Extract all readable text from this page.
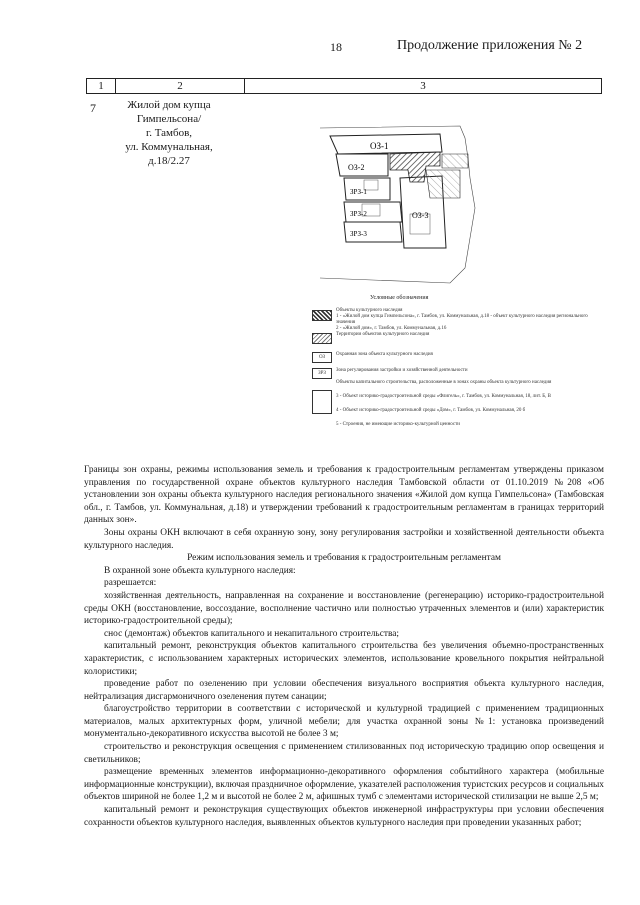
18	Продолжение приложения № 2
1	2	3
7	Жилой дом купца
Гимпельсона/
г. Тамбов,
ул. Коммунальная,
д.18/2.27
ОЗ-1
ОЗ-2
ОЗ-3
ЗРЗ-1
ЗРЗ-2
ЗРЗ-3
Условные обозначения
Объекты культурного наследия
1 - «Жилой дом купца Гимпельсона», г. Тамбов, ул. Коммунальная, д.18 - объект культурного наследия регионального значения
2 - «Жилой дом», г. Тамбов, ул. Коммунальная, д.16
Территории объектов культурного наследия
ОЗ
Охранная зона объекта культурного наследия
ЗРЗ
Зона регулирования застройки и хозяйственной деятельности
Объекты капитального строительства, расположенные в зонах охраны объекта культурного наследия
3 - Объект историко-градостроительной среды «Флигель», г. Тамбов, ул. Коммунальная, 18, лит. Б, В
4 - Объект историко-градостроительной среды «Дом», г. Тамбов, ул. Коммунальная, 20 б
5 - Строения, не имеющие историко-культурной ценности

Границы зон охраны, режимы использования земель и требования к градостроительным регламентам утверждены приказом управления по государственной охране объектов культурного наследия Тамбовской области от 01.10.2019 №208 «Об установлении зон охраны объекта культурного наследия регионального значения «Жилой дом купца Гимпельсона» (Тамбовская обл., г. Тамбов, ул. Коммунальная, д.18) и утверждении требований к градостроительным регламентам в границах территорий данных зон».

Зоны охраны ОКН включают в себя охранную зону, зону регулирования застройки и хозяйственной деятельности объекта культурного наследия.

Режим использования земель и требования к градостроительным регламентам

В охранной зоне объекта культурного наследия:

разрешается:

хозяйственная деятельность, направленная на сохранение и восстановление (регенерацию) историко-градостроительной среды ОКН (восстановление, воссоздание, восполнение частично или полностью утраченных элементов и (или) характеристик историко-градостроительной среды);

снос (демонтаж) объектов капитального и некапитального строительства;

капитальный ремонт, реконструкция объектов капитального строительства без увеличения объемно-пространственных характеристик, с использованием характерных исторических элементов, использование кровельного покрытия нейтральной колористики;

проведение работ по озеленению при условии обеспечения визуального восприятия объекта культурного наследия, нейтрализация дисгармоничного озеленения путем санации;

благоустройство территории в соответствии с исторической и культурной традицией с применением традиционных материалов, малых архитектурных форм, уличной мебели; для участка охранной зоны №1: установка произведений монументально-декоративного искусства высотой не более 3 м;

строительство и реконструкция освещения с применением стилизованных под историческую традицию опор освещения и светильников;

размещение временных элементов информационно-декоративного оформления событийного характера (мобильные информационные конструкции), включая праздничное оформление, указателей расположения туристских ресурсов и социальных объектов шириной не более 1,2 м и высотой не более 2 м, афишных тумб с элементами исторической стилизации не выше 2,5 м;

капитальный ремонт и реконструкция существующих объектов инженерной инфраструктуры при условии обеспечения сохранности объектов культурного наследия, выявленных объектов культурного наследия при проведении указанных работ;
